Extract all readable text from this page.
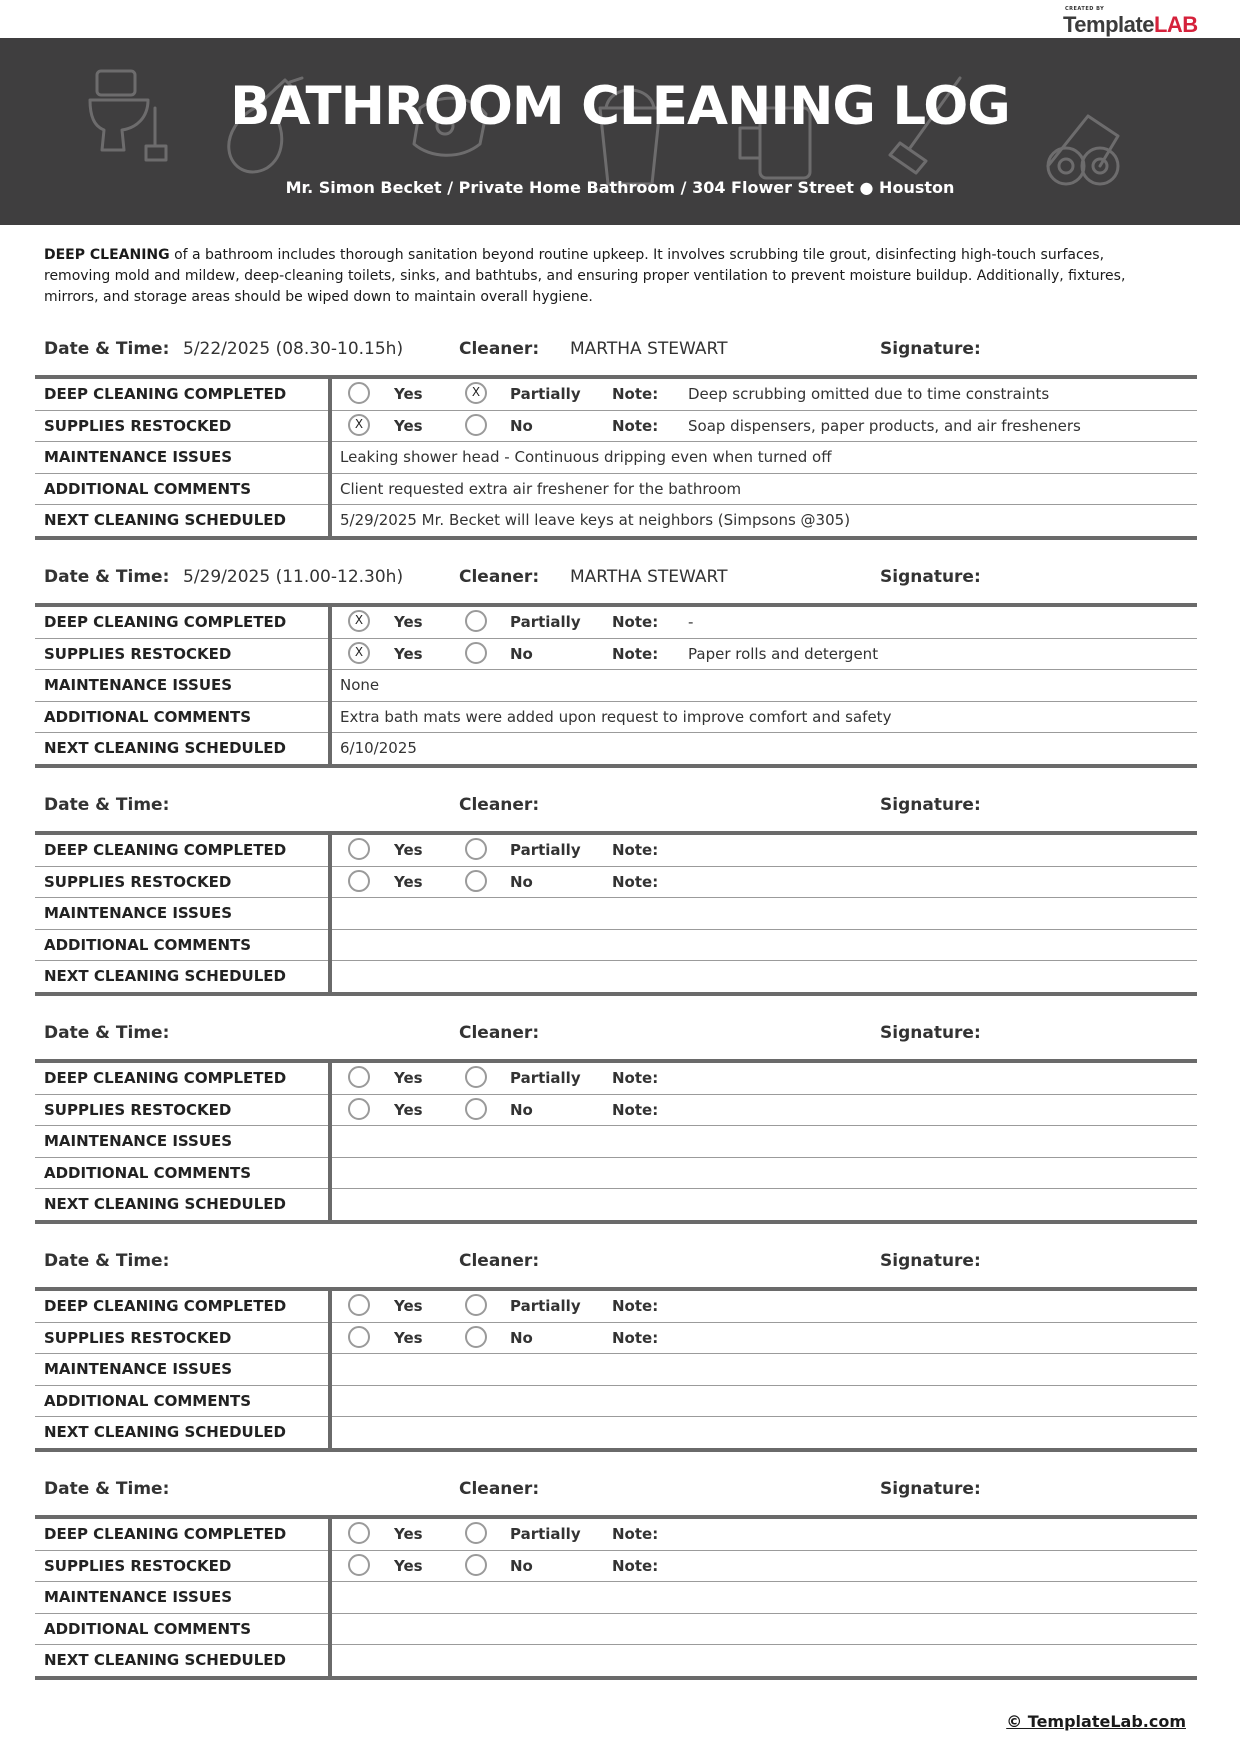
CREATED BY
TemplateLAB
BATHROOM CLEANING LOG
Mr. Simon Becket / Private Home Bathroom / 304 Flower Street ● Houston
DEEP CLEANING of a bathroom includes thorough sanitation beyond routine upkeep. It involves scrubbing tile grout, disinfecting high-touch surfaces, removing mold and mildew, deep-cleaning toilets, sinks, and bathtubs, and ensuring proper ventilation to prevent moisture buildup. Additionally, fixtures, mirrors, and storage areas should be wiped down to maintain overall hygiene.
Date & Time: 5/22/2025 (08.30-10.15h)	Cleaner: MARTHA STEWART	Signature:
DEEP CLEANING COMPLETED	Yes X Partially Note: Deep scrubbing omitted due to time constraints

SUPPLIES RESTOCKED	X Yes No Note: Soap dispensers, paper products, and air fresheners

MAINTENANCE ISSUES	Leaking shower head - Continuous dripping even when turned off
ADDITIONAL COMMENTS	Client requested extra air freshener for the bathroom
NEXT CLEANING SCHEDULED	5/29/2025 Mr. Becket will leave keys at neighbors (Simpsons @305)
Date & Time: 5/29/2025 (11.00-12.30h)	Cleaner: MARTHA STEWART	Signature:
DEEP CLEANING COMPLETED	X Yes Partially Note: -

SUPPLIES RESTOCKED	X Yes No Note: Paper rolls and detergent

MAINTENANCE ISSUES	None
ADDITIONAL COMMENTS	Extra bath mats were added upon request to improve comfort and safety
NEXT CLEANING SCHEDULED	6/10/2025
Date & Time:	Cleaner:	Signature:
DEEP CLEANING COMPLETED	Yes Partially Note:

SUPPLIES RESTOCKED	Yes No Note:

MAINTENANCE ISSUES	
ADDITIONAL COMMENTS	
NEXT CLEANING SCHEDULED	
Date & Time:	Cleaner:	Signature:
DEEP CLEANING COMPLETED	Yes Partially Note:

SUPPLIES RESTOCKED	Yes No Note:

MAINTENANCE ISSUES	
ADDITIONAL COMMENTS	
NEXT CLEANING SCHEDULED	
Date & Time:	Cleaner:	Signature:
DEEP CLEANING COMPLETED	Yes Partially Note:

SUPPLIES RESTOCKED	Yes No Note:

MAINTENANCE ISSUES	
ADDITIONAL COMMENTS	
NEXT CLEANING SCHEDULED	
Date & Time:	Cleaner:	Signature:
DEEP CLEANING COMPLETED	Yes Partially Note:

SUPPLIES RESTOCKED	Yes No Note:

MAINTENANCE ISSUES	
ADDITIONAL COMMENTS	
NEXT CLEANING SCHEDULED	
© TemplateLab.com
